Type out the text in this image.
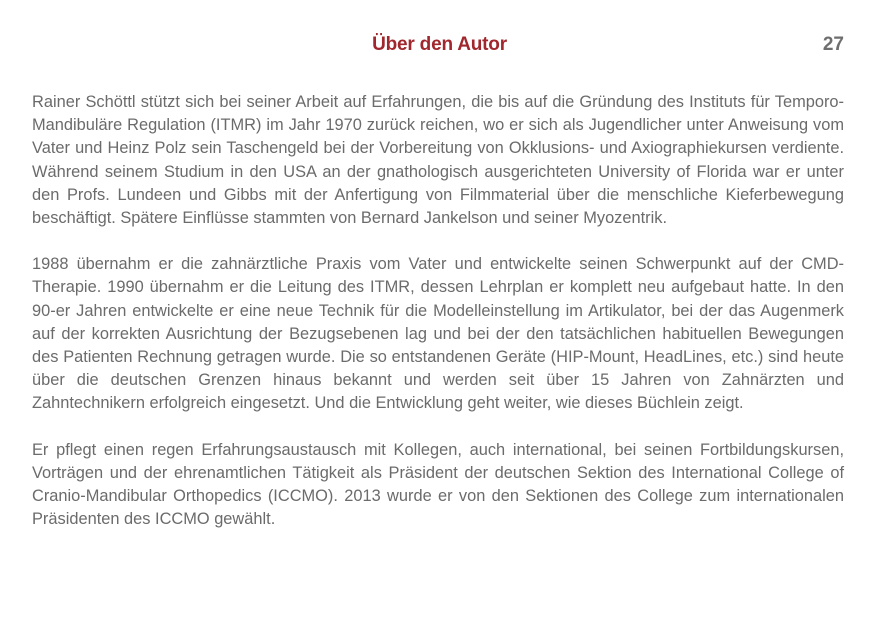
Über den Autor	27

Rainer Schöttl stützt sich bei seiner Arbeit auf Erfahrungen, die bis auf die Gründung des Instituts für Temporo-Mandibuläre Regulation (ITMR) im Jahr 1970 zurück reichen, wo er sich als Jugendlicher unter Anweisung vom Vater und Heinz Polz sein Taschengeld bei der Vorbereitung von Okklusions- und Axiographiekursen verdiente. Während seinem Studium in den USA an der gnathologisch ausgerichteten University of Florida war er unter den Profs. Lundeen und Gibbs mit der Anfertigung von Filmmaterial über die menschliche Kieferbewegung beschäftigt. Spätere Einflüsse stammten von Bernard Jankelson und seiner Myozentrik.

1988 übernahm er die zahnärztliche Praxis vom Vater und entwickelte seinen Schwerpunkt auf der CMD-Therapie. 1990 übernahm er die Leitung des ITMR, dessen Lehrplan er komplett neu aufgebaut hatte. In den 90-er Jahren entwickelte er eine neue Technik für die Modelleinstellung im Artikulator, bei der das Augenmerk auf der korrekten Ausrichtung der Bezugsebenen lag und bei der den tatsächlichen habituellen Bewegungen des Patienten Rechnung getragen wurde. Die so entstandenen Geräte (HIP-Mount, HeadLines, etc.) sind heute über die deutschen Grenzen hinaus bekannt und werden seit über 15 Jahren von Zahnärzten und Zahntechnikern erfolgreich eingesetzt. Und die Entwicklung geht weiter, wie dieses Büchlein zeigt.

Er pflegt einen regen Erfahrungsaustausch mit Kollegen, auch international, bei seinen Fortbildungskursen, Vorträgen und der ehrenamtlichen Tätigkeit als Präsident der deutschen Sektion des International College of Cranio-Mandibular Orthopedics (ICCMO). 2013 wurde er von den Sektionen des College zum internationalen Präsidenten des ICCMO gewählt.
